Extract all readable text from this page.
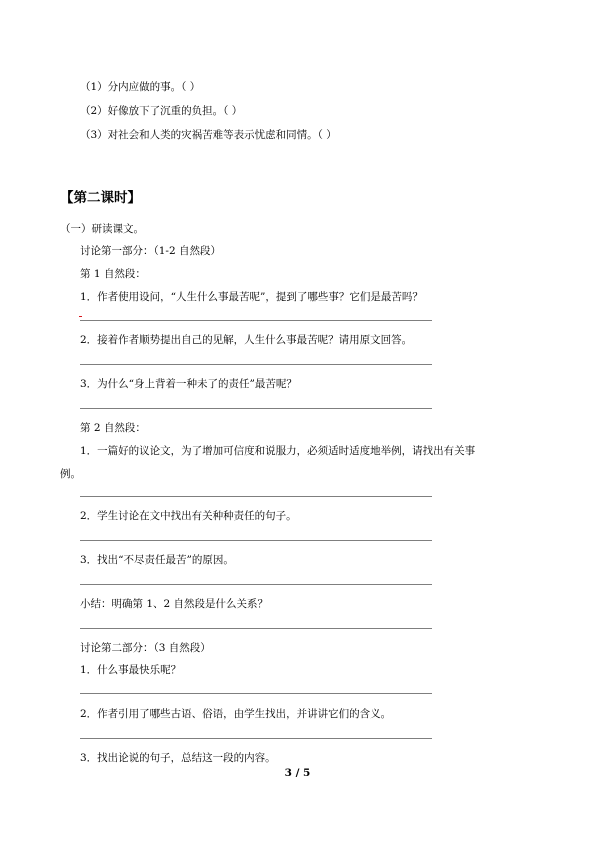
（1）分内应做的事。（ ）
（2）好像放下了沉重的负担。（ ）
（3）对社会和人类的灾祸苦难等表示忧虑和同情。（ ）
【第二课时】
（一）研读课文。
讨论第一部分：（1-2 自然段）
第 1 自然段：
1．作者使用设问，“人生什么事最苦呢”，提到了哪些事？它们是最苦吗？
2．接着作者顺势提出自己的见解，人生什么事最苦呢？请用原文回答。
3．为什么“身上背着一种未了的责任”最苦呢？
第 2 自然段：
1．一篇好的议论文，为了增加可信度和说服力，必须适时适度地举例，请找出有关事
例。
2．学生讨论在文中找出有关种种责任的句子。
3．找出“不尽责任最苦”的原因。
小结：明确第 1、2 自然段是什么关系？
讨论第二部分：（3 自然段）
1．什么事最快乐呢？
2．作者引用了哪些古语、俗语，由学生找出，并讲讲它们的含义。
3．找出论说的句子，总结这一段的内容。
3 / 5
